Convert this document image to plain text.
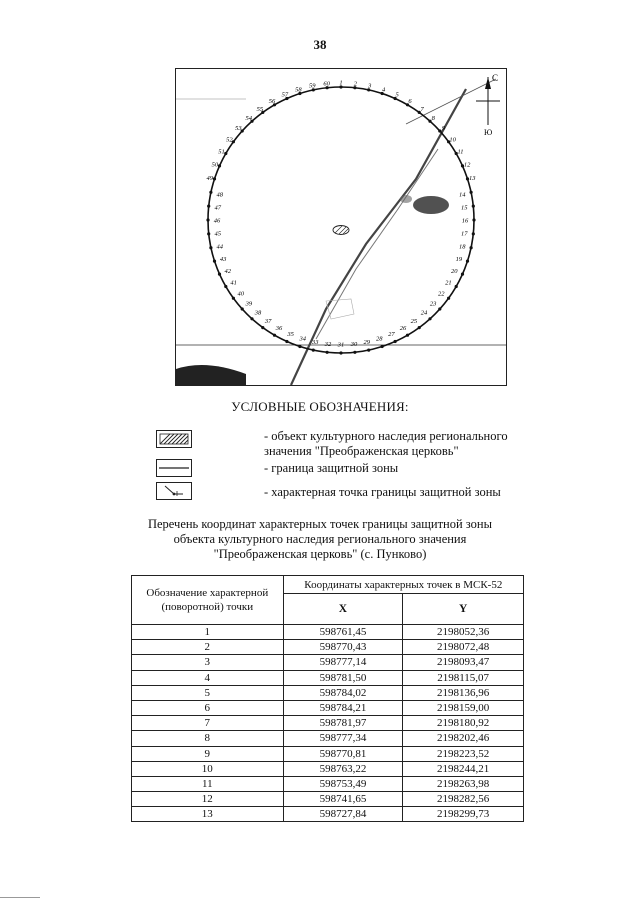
38
1 2 3
4
5
6
7
8
9
10
11
12
13
14
15
16
17
18
19
20
21
22
23
24
25
26
27
28
29
30
31
32
33
34
35
36
37
38
39
40
41
42
43
44
45
46
47
48
49
50
51
52
53
54
55
56
57
58
59 60
C
Ю
УСЛОВНЫЕ ОБОЗНАЧЕНИЯ:
- объект культурного наследия регионального значения "Преображенская церковь"
- граница защитной зоны
- характерная точка границы защитной зоны
Перечень координат характерных точек границы защитной зоны
объекта культурного наследия регионального значения
"Преображенская церковь" (с. Пунково)
Обозначение характерной (поворотной) точки	Координаты характерных точек в МСК-52	
	X	Y
1	598761,45	2198052,36
2	598770,43	2198072,48
3	598777,14	2198093,47
4	598781,50	2198115,07
5	598784,02	2198136,96
6	598784,21	2198159,00
7	598781,97	2198180,92
8	598777,34	2198202,46
9	598770,81	2198223,52
10	598763,22	2198244,21
11	598753,49	2198263,98
12	598741,65	2198282,56
13	598727,84	2198299,73
